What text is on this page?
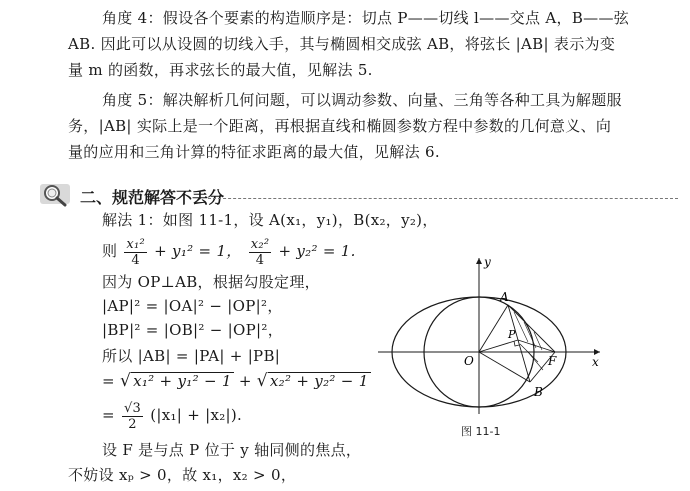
角度 4：假设各个要素的构造顺序是：切点 P——切线 l——交点 A，B——弦
AB. 因此可以从设圆的切线入手，其与椭圆相交成弦 AB，将弦长 |AB| 表示为变
量 m 的函数，再求弦长的最大值，见解法 5.
角度 5：解决解析几何问题，可以调动参数、向量、三角等各种工具为解题服
务，|AB| 实际上是一个距离，再根据直线和椭圆参数方程中参数的几何意义、向
量的应用和三角计算的特征求距离的最大值，见解法 6.
二、规范解答不丢分
解法 1：如图 11-1，设 A(x₁，y₁)，B(x₂，y₂)，
则 $\frac{\text{x₁²}}{4} + y_1^2 = 1$， $\frac{\text{x₂²}}{4} + y_2^2 = 1$.
因为 OP⊥AB，根据勾股定理，
|AP|² = |OA|² − |OP|²，
|BP|² = |OB|² − |OP|²，
所以 |AB| = |PA| + |PB|
= √ x₁² + y₁² − 1 + √ x₂² + y₂² − 1
= $\frac{√3}{2} (|x_1| + |x_2|)$.
设 F 是与点 P 位于 y 轴同侧的焦点，
不妨设 xₚ > 0，故 x₁，x₂ > 0，
y
x
O
A
B
P
F
图 11-1
